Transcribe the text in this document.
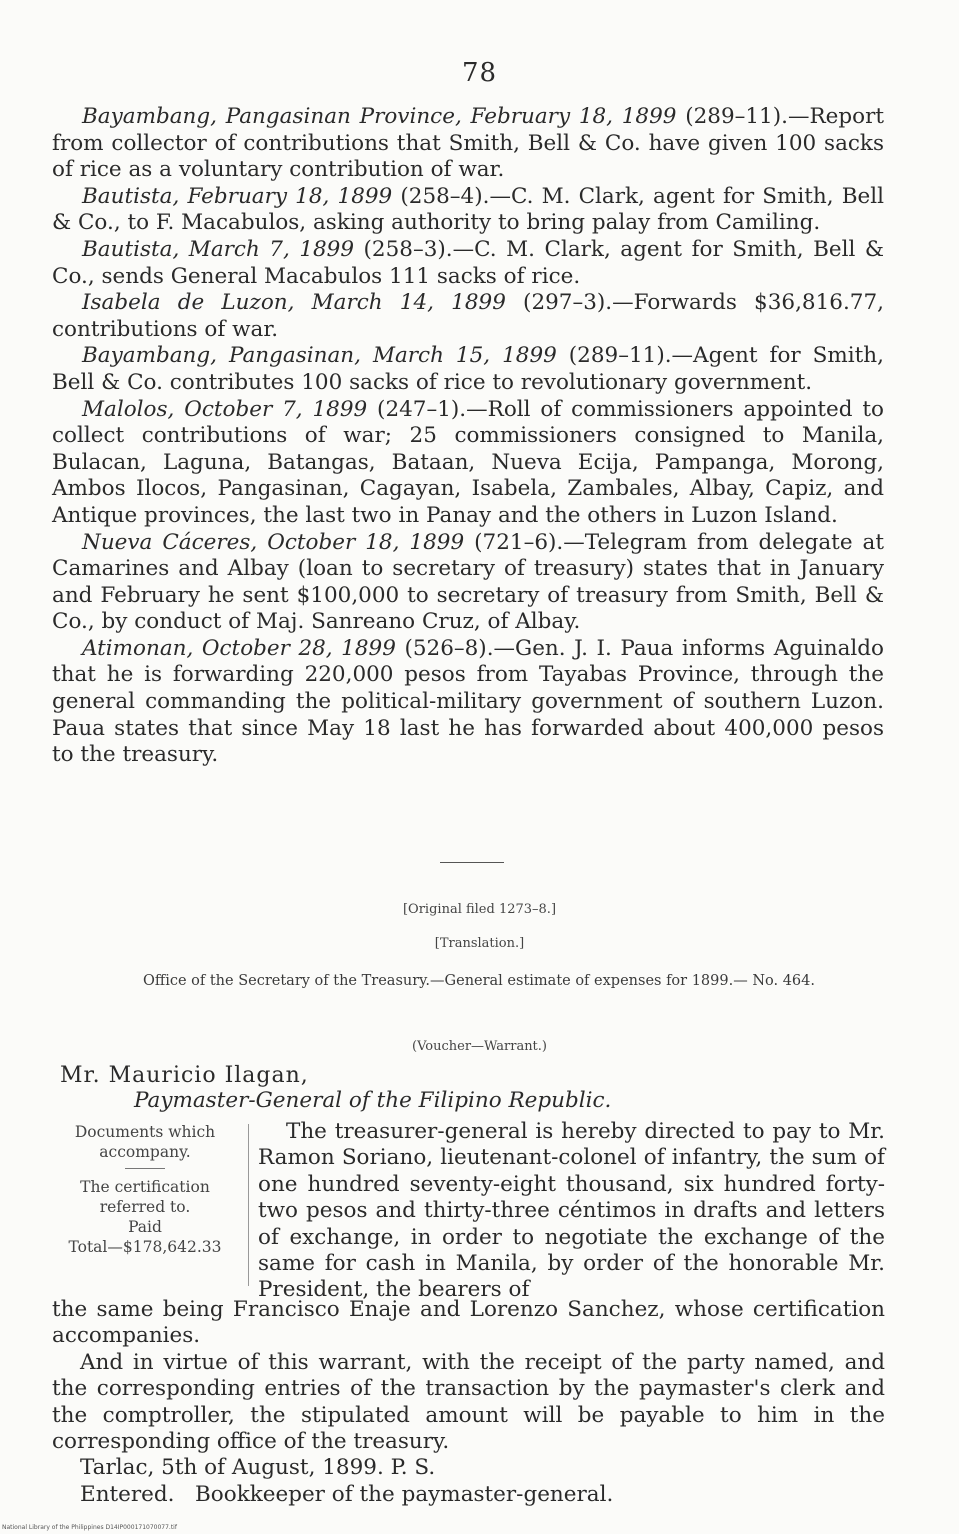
78

Bayambang, Pangasinan Province, February 18, 1899 (289–11).—Report from collector of contributions that Smith, Bell & Co. have given 100 sacks of rice as a voluntary contribution of war.

Bautista, February 18, 1899 (258–4).—C. M. Clark, agent for Smith, Bell & Co., to F. Macabulos, asking authority to bring palay from Camiling.

Bautista, March 7, 1899 (258–3).—C. M. Clark, agent for Smith, Bell & Co., sends General Macabulos 111 sacks of rice.

Isabela de Luzon, March 14, 1899 (297–3).—Forwards $36,816.77, contributions of war.

Bayambang, Pangasinan, March 15, 1899 (289–11).—Agent for Smith, Bell & Co. contributes 100 sacks of rice to revolutionary government.

Malolos, October 7, 1899 (247–1).—Roll of commissioners appointed to collect contributions of war; 25 commissioners consigned to Manila, Bulacan, Laguna, Batangas, Bataan, Nueva Ecija, Pampanga, Morong, Ambos Ilocos, Pangasinan, Cagayan, Isabela, Zambales, Albay, Capiz, and Antique provinces, the last two in Panay and the others in Luzon Island.

Nueva Cáceres, October 18, 1899 (721–6).—Telegram from delegate at Camarines and Albay (loan to secretary of treasury) states that in January and February he sent $100,000 to secretary of treasury from Smith, Bell & Co., by conduct of Maj. Sanreano Cruz, of Albay.

Atimonan, October 28, 1899 (526–8).—Gen. J. I. Paua informs Aguinaldo that he is forwarding 220,000 pesos from Tayabas Province, through the general commanding the political-military government of southern Luzon. Paua states that since May 18 last he has forwarded about 400,000 pesos to the treasury.

[Original filed 1273–8.]
[Translation.]
Office of the Secretary of the Treasury.—General estimate of expenses for 1899.— No. 464.
(Voucher—Warrant.)
Mr. Mauricio Ilagan,
Paymaster-General of the Filipino Republic.
Documents which accompany.
The certification referred to.
Paid
Total—$178,642.33

The treasurer-general is hereby directed to pay to Mr. Ramon Soriano, lieutenant-colonel of infantry, the sum of one hundred seventy-eight thousand, six hundred forty-two pesos and thirty-three céntimos in drafts and letters of exchange, in order to negotiate the exchange of the same for cash in Manila, by order of the honorable Mr. President, the bearers of

the same being Francisco Enaje and Lorenzo Sanchez, whose certification accompanies.

And in virtue of this warrant, with the receipt of the party named, and the corresponding entries of the transaction by the paymaster's clerk and the comptroller, the stipulated amount will be payable to him in the corresponding office of the treasury.

Tarlac, 5th of August, 1899. P. S.

Entered.   Bookkeeper of the paymaster-general.

National Library of the Philippines D14IP000171070077.tif
